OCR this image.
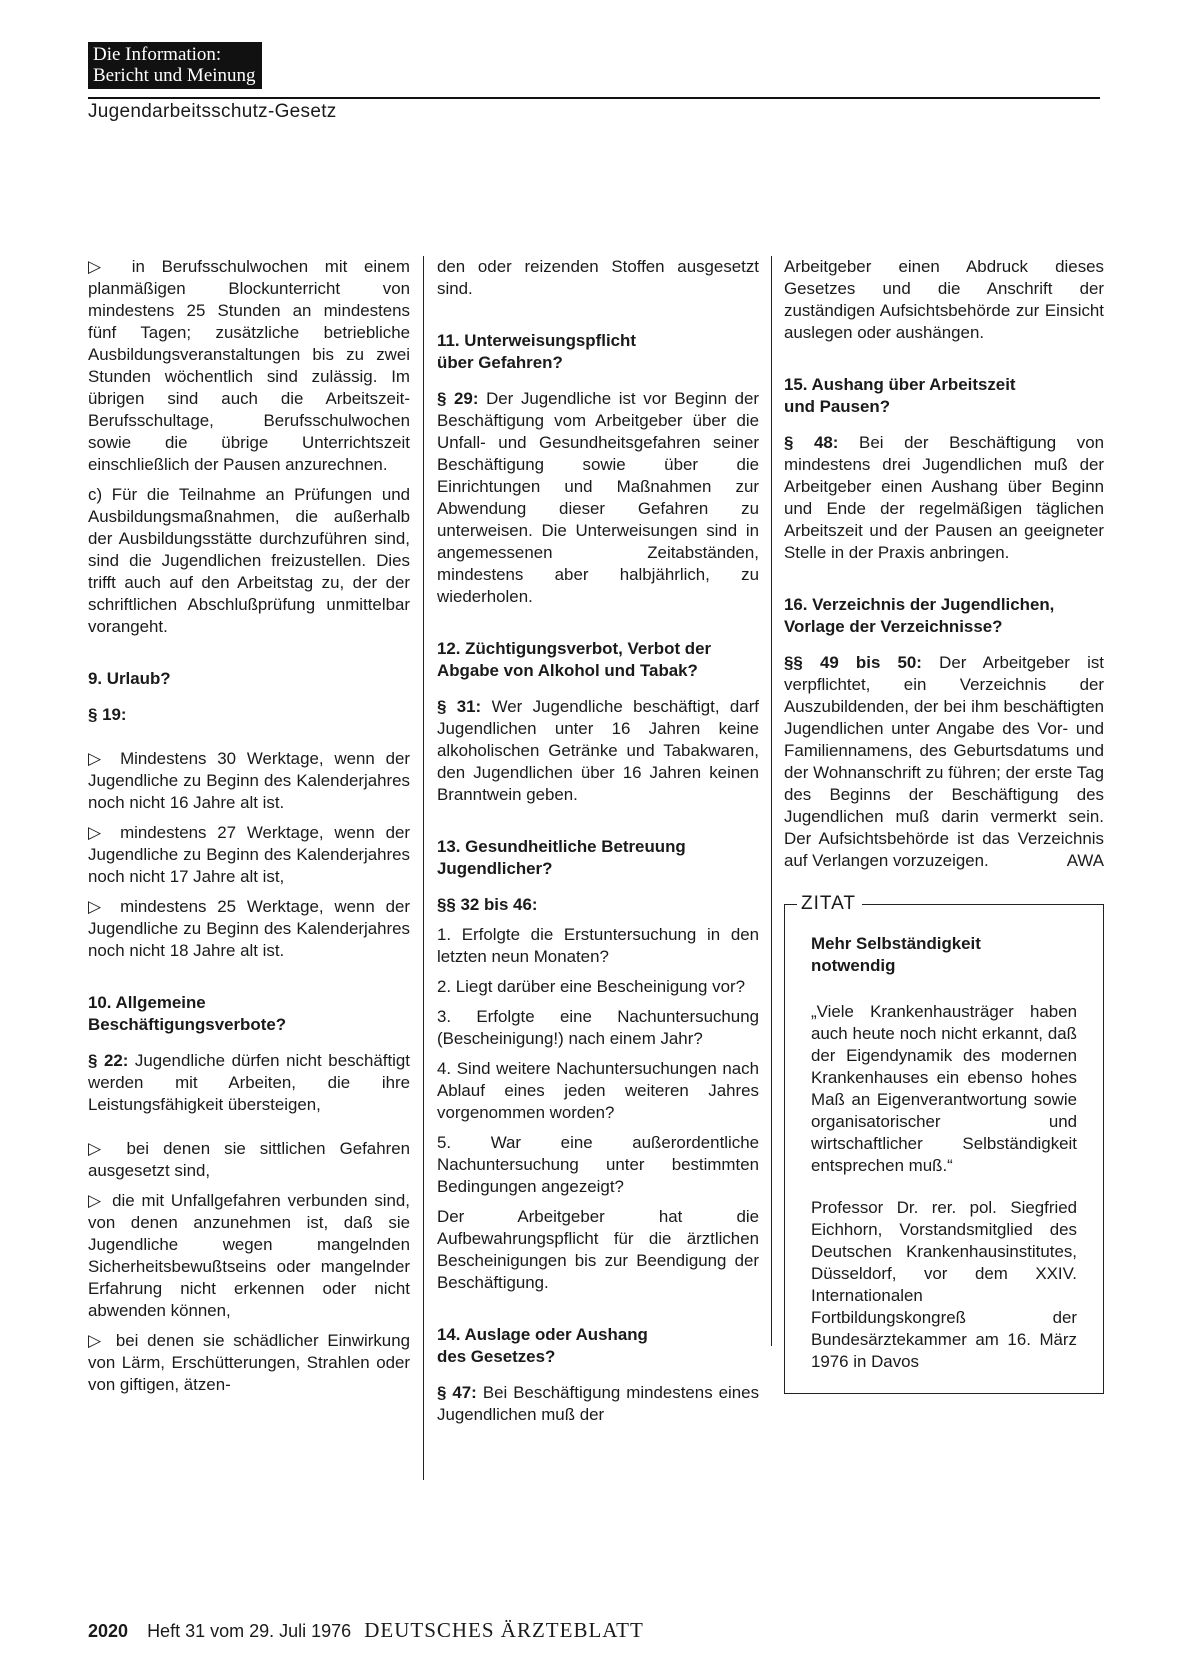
Die Information:
Bericht und Meinung
Jugendarbeitsschutz-Gesetz

▷ in Berufsschulwochen mit einem planmäßigen Blockunterricht von mindestens 25 Stunden an mindestens fünf Tagen; zusätzliche betriebliche Ausbildungsveranstaltungen bis zu zwei Stunden wöchentlich sind zulässig. Im übrigen sind auch die Arbeitszeit-Berufsschultage, Berufsschulwochen sowie die übrige Unterrichtszeit einschließlich der Pausen anzurechnen.

c) Für die Teilnahme an Prüfungen und Ausbildungsmaßnahmen, die außerhalb der Ausbildungsstätte durchzuführen sind, sind die Jugendlichen freizustellen. Dies trifft auch auf den Arbeitstag zu, der der schriftlichen Abschlußprüfung unmittelbar vorangeht.

9. Urlaub?

§ 19:

▷ Mindestens 30 Werktage, wenn der Jugendliche zu Beginn des Kalenderjahres noch nicht 16 Jahre alt ist.

▷ mindestens 27 Werktage, wenn der Jugendliche zu Beginn des Kalenderjahres noch nicht 17 Jahre alt ist,

▷ mindestens 25 Werktage, wenn der Jugendliche zu Beginn des Kalenderjahres noch nicht 18 Jahre alt ist.

10. Allgemeine
Beschäftigungsverbote?

§ 22: Jugendliche dürfen nicht beschäftigt werden mit Arbeiten, die ihre Leistungsfähigkeit übersteigen,

▷ bei denen sie sittlichen Gefahren ausgesetzt sind,

▷ die mit Unfallgefahren verbunden sind, von denen anzunehmen ist, daß sie Jugendliche wegen mangelnden Sicherheitsbewußtseins oder mangelnder Erfahrung nicht erkennen oder nicht abwenden können,

▷ bei denen sie schädlicher Einwirkung von Lärm, Erschütterungen, Strahlen oder von giftigen, ätzen-

den oder reizenden Stoffen ausgesetzt sind.

11. Unterweisungspflicht
über Gefahren?

§ 29: Der Jugendliche ist vor Beginn der Beschäftigung vom Arbeitgeber über die Unfall- und Gesundheitsgefahren seiner Beschäftigung sowie über die Einrichtungen und Maßnahmen zur Abwendung dieser Gefahren zu unterweisen. Die Unterweisungen sind in angemessenen Zeitabständen, mindestens aber halbjährlich, zu wiederholen.

12. Züchtigungsverbot, Verbot der
Abgabe von Alkohol und Tabak?

§ 31: Wer Jugendliche beschäftigt, darf Jugendlichen unter 16 Jahren keine alkoholischen Getränke und Tabakwaren, den Jugendlichen über 16 Jahren keinen Branntwein geben.

13. Gesundheitliche Betreuung
Jugendlicher?

§§ 32 bis 46:

1. Erfolgte die Erstuntersuchung in den letzten neun Monaten?

2. Liegt darüber eine Bescheinigung vor?

3. Erfolgte eine Nachuntersuchung (Bescheinigung!) nach einem Jahr?

4. Sind weitere Nachuntersuchungen nach Ablauf eines jeden weiteren Jahres vorgenommen worden?

5. War eine außerordentliche Nachuntersuchung unter bestimmten Bedingungen angezeigt?

Der Arbeitgeber hat die Aufbewahrungspflicht für die ärztlichen Bescheinigungen bis zur Beendigung der Beschäftigung.

14. Auslage oder Aushang
des Gesetzes?

§ 47: Bei Beschäftigung mindestens eines Jugendlichen muß der

Arbeitgeber einen Abdruck dieses Gesetzes und die Anschrift der zuständigen Aufsichtsbehörde zur Einsicht auslegen oder aushängen.

15. Aushang über Arbeitszeit
und Pausen?

§ 48: Bei der Beschäftigung von mindestens drei Jugendlichen muß der Arbeitgeber einen Aushang über Beginn und Ende der regelmäßigen täglichen Arbeitszeit und der Pausen an geeigneter Stelle in der Praxis anbringen.

16. Verzeichnis der Jugendlichen,
Vorlage der Verzeichnisse?

§§ 49 bis 50: Der Arbeitgeber ist verpflichtet, ein Verzeichnis der Auszubildenden, der bei ihm beschäftigten Jugendlichen unter Angabe des Vor- und Familiennamens, des Geburtsdatums und der Wohnanschrift zu führen; der erste Tag des Beginns der Beschäftigung des Jugendlichen muß darin vermerkt sein. Der Aufsichtsbehörde ist das Verzeichnis auf Verlangen vorzuzeigen.	AWA

ZITAT
Mehr Selbständigkeit
notwendig

„Viele Krankenhausträger haben auch heute noch nicht erkannt, daß der Eigendynamik des modernen Krankenhauses ein ebenso hohes Maß an Eigenverantwortung sowie organisatorischer und wirtschaftlicher Selbständigkeit entsprechen muß.“

Professor Dr. rer. pol. Siegfried Eichhorn, Vorstandsmitglied des Deutschen Krankenhausinstitutes, Düsseldorf, vor dem XXIV. Internationalen Fortbildungskongreß der Bundesärztekammer am 16. März 1976 in Davos

2020 Heft 31 vom 29. Juli 1976 DEUTSCHES ÄRZTEBLATT
